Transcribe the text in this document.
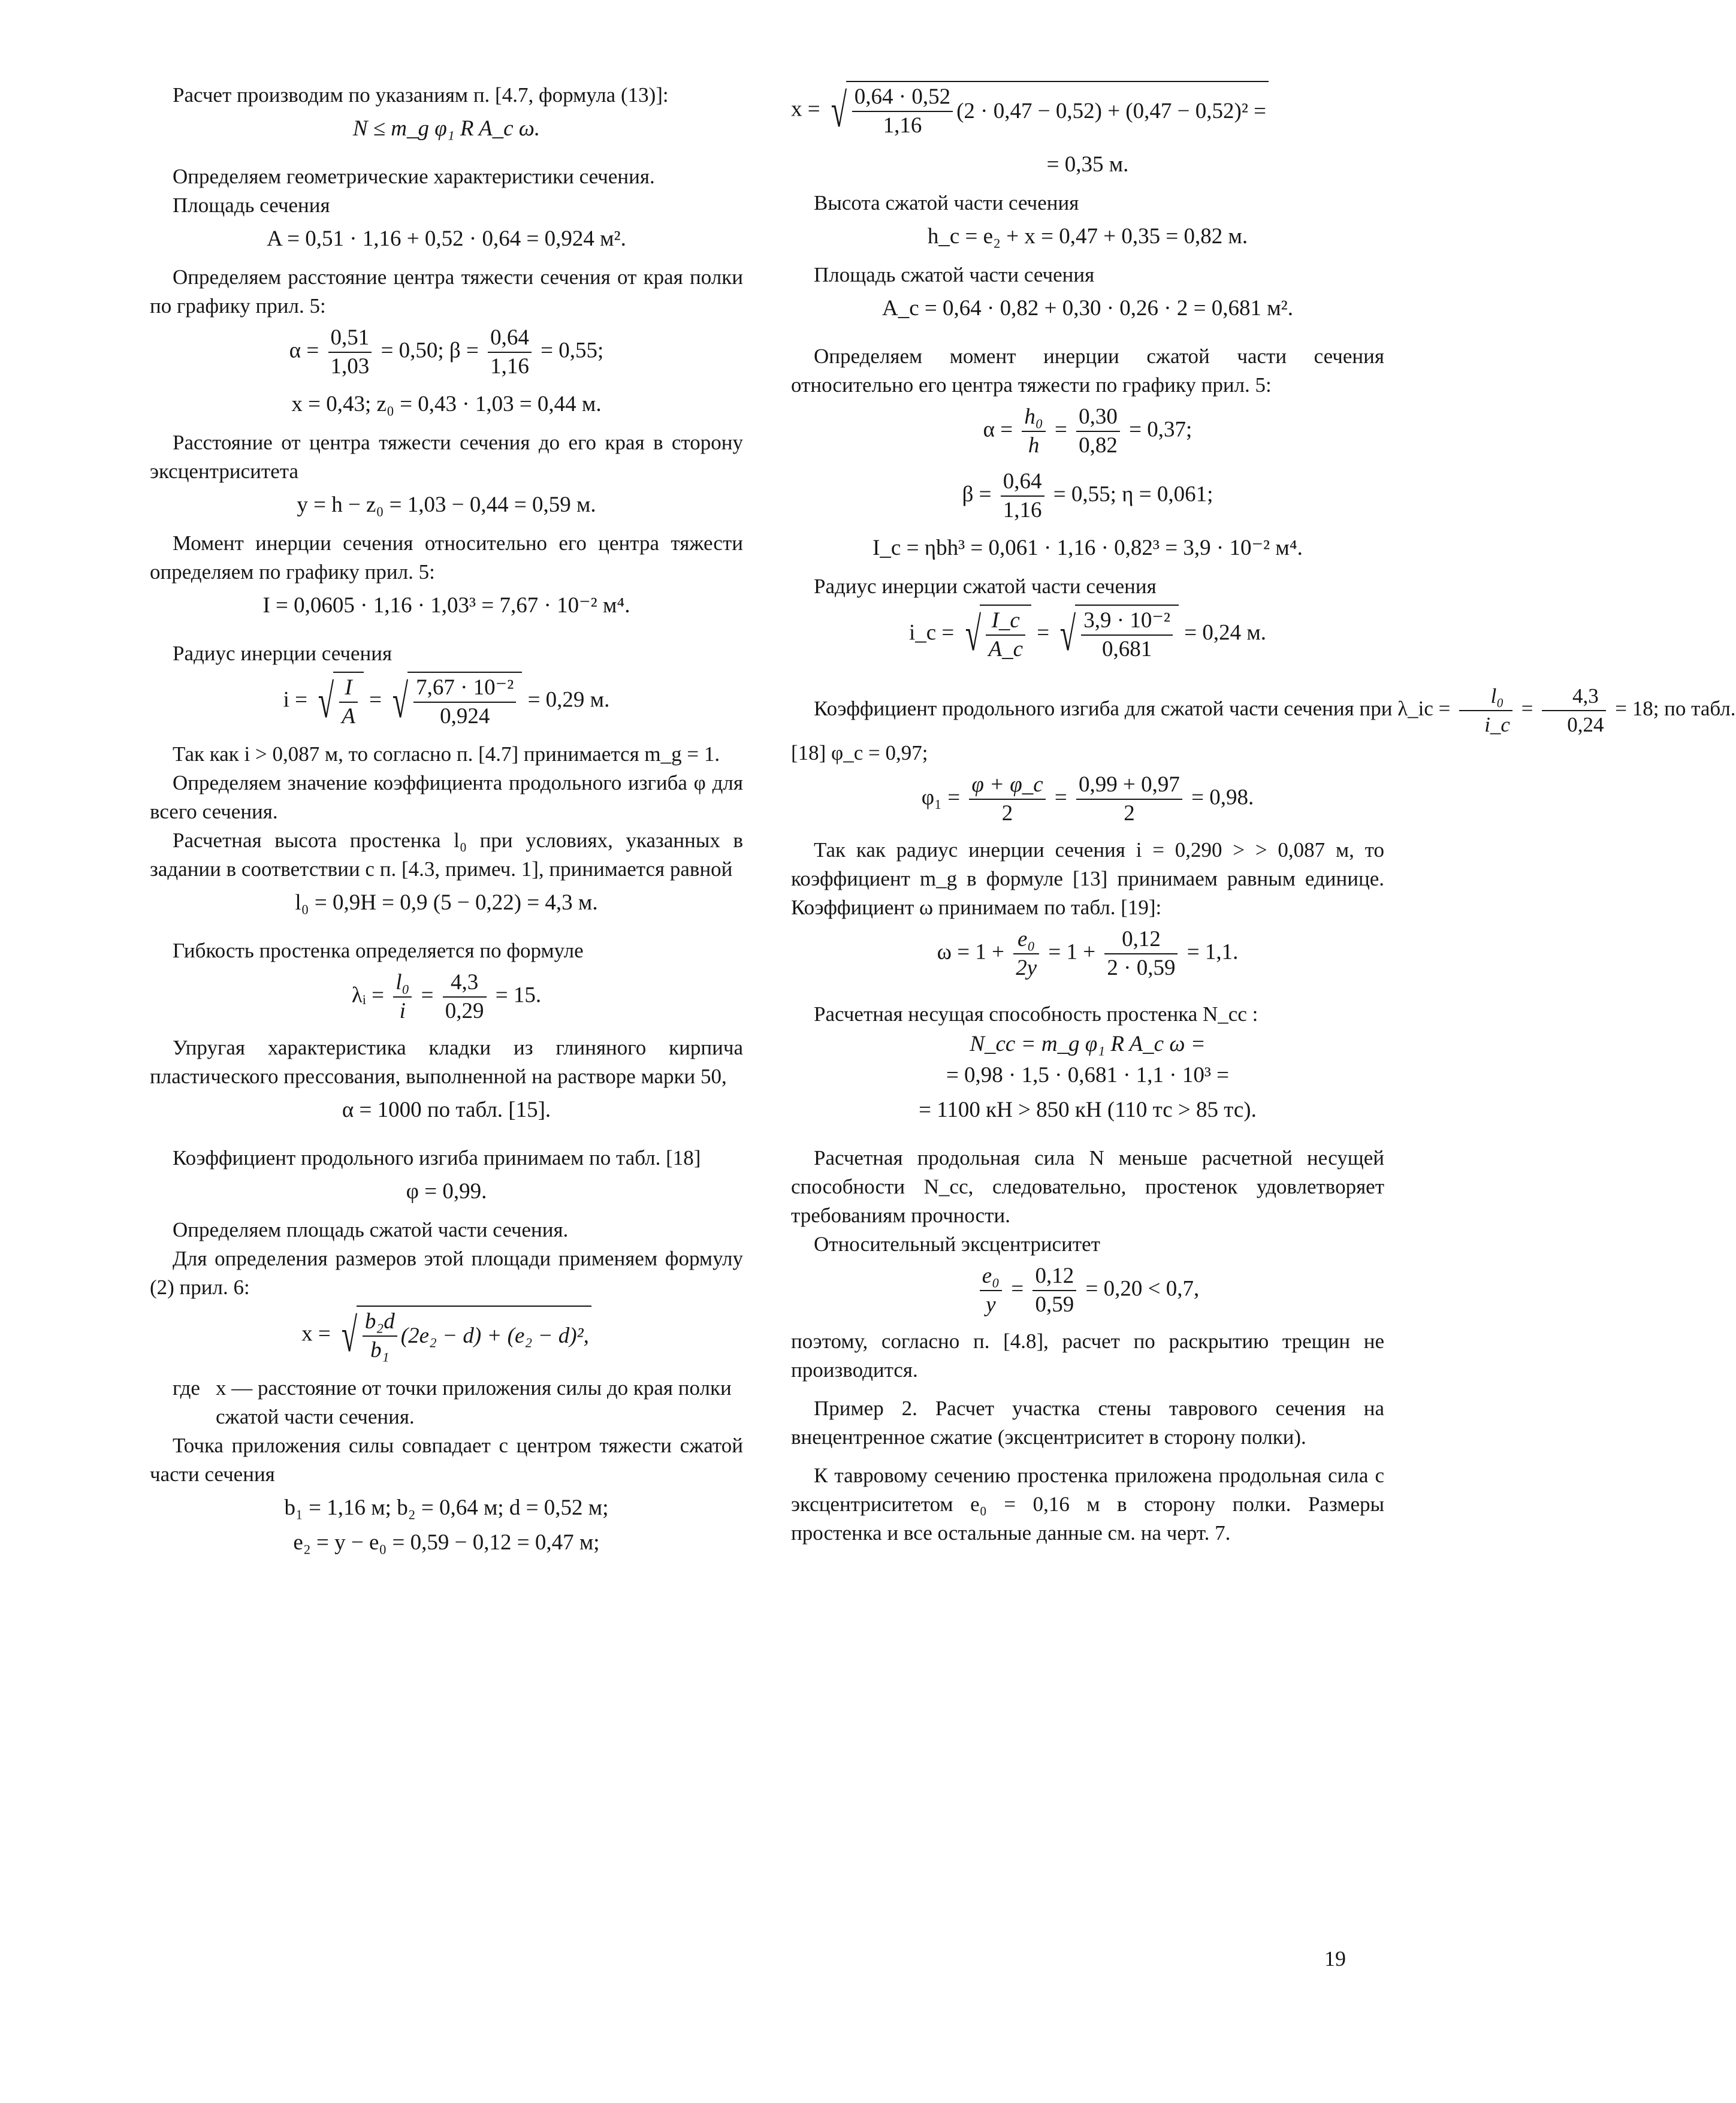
Расчет производим по указаниям п. [4.7, формула (13)]:

N ≤ m_g φ₁ R A_c ω.

Определяем геометрические характеристики сечения.

Площадь сечения

A = 0,51 · 1,16 + 0,52 · 0,64 = 0,924 м².

Определяем расстояние центра тяжести сечения от края полки по графику прил. 5:

$\alpha = \frac{0,51}{1,03} = 0,50$; $\beta = \frac{0,64}{1,16} = 0,55$;
x = 0,43; z₀ = 0,43 · 1,03 = 0,44 м.

Расстояние от центра тяжести сечения до его края в сторону эксцентриситета

y = h − z₀ = 1,03 − 0,44 = 0,59 м.

Момент инерции сечения относительно его центра тяжести определяем по графику прил. 5:

I = 0,0605 · 1,16 · 1,03³ = 7,67 · 10⁻² м⁴.

Радиус инерции сечения

i = √ $\frac{I}{A}$ = √ $\frac{\text{7,67 · 10⁻²}}{0,924} = 0,29$ м.

Так как i > 0,087 м, то согласно п. [4.7] принимается m_g = 1.

Определяем значение коэффициента продольного изгиба φ для всего сечения.

Расчетная высота простенка l₀ при условиях, указанных в задании в соответствии с п. [4.3, примеч. 1], принимается равной

l₀ = 0,9H = 0,9 (5 − 0,22) = 4,3 м.

Гибкость простенка определяется по формуле

λᵢ = $\frac{\text{l₀}}{i} = \frac{4,3}{0,29} = 15$.

Упругая характеристика кладки из глиняного кирпича пластического прессования, выполненной на растворе марки 50,

α = 1000 по табл. [15].

Коэффициент продольного изгиба принимаем по табл. [18]

φ = 0,99.

Определяем площадь сжатой части сечения.

Для определения размеров этой площади применяем формулу (2) прил. 6:

x = √ $\frac{\text{b₂d}}{\text{b₁}} (2e_2 - d) + (e_2 - d)^2$,
где x — расстояние от точки приложения силы до края полки сжатой части сечения.

Точка приложения силы совпадает с центром тяжести сжатой части сечения

b₁ = 1,16 м; b₂ = 0,64 м; d = 0,52 м;
e₂ = y − e₀ = 0,59 − 0,12 = 0,47 м;
x = √ $\frac{0,64 \cdot 0,52}{1,16} (2 \cdot 0,47 - 0,52) + (0,47 - 0,52)^2$ =
= 0,35 м.

Высота сжатой части сечения

h_c = e₂ + x = 0,47 + 0,35 = 0,82 м.

Площадь сжатой части сечения

A_c = 0,64 · 0,82 + 0,30 · 0,26 · 2 = 0,681 м².

Определяем момент инерции сжатой части сечения относительно его центра тяжести по графику прил. 5:

$\alpha = \frac{\text{h₀}}{h} = \frac{0,30}{0,82} = 0,37$;
$\beta = \frac{0,64}{1,16} = 0,55$; η = 0,061;
I_c = ηbh³ = 0,061 · 1,16 · 0,82³ = 3,9 · 10⁻² м⁴.

Радиус инерции сжатой части сечения

i_c = √ $\frac{I\_c}{A\_c}$ = √ $\frac{\text{3,9 · 10⁻²}}{0,681} = 0,24$ м.
Коэффициент продольного изгиба для сжатой части сечения при λ_ic = $\frac{\text{l₀}}{i\_c} = \frac{4,3}{0,24} = 18$; по табл.

[18] φ_c = 0,97;

$\varphi_1 = \frac{\varphi + \varphi\_c}{2} = \frac{0,99 + 0,97}{2} = 0,98$.

Так как радиус инерции сечения i = 0,290 > > 0,087 м, то коэффициент m_g в формуле [13] принимаем равным единице. Коэффициент ω принимаем по табл. [19]:

$\omega = 1 + \frac{\text{e₀}}{2y} = 1 + \frac{0,12}{2 \cdot 0,59} = 1,1$.

Расчетная несущая способность простенка N_cc :

N_cc = m_g φ₁ R A_c ω =
= 0,98 · 1,5 · 0,681 · 1,1 · 10³ =
= 1100 кН > 850 кН (110 тс > 85 тс).

Расчетная продольная сила N меньше расчетной несущей способности N_cc, следовательно, простенок удовлетворяет требованиям прочности.

Относительный эксцентриситет

$\frac{\text{e₀}}{y} = \frac{0,12}{0,59} = 0,20 < 0,7$,

поэтому, согласно п. [4.8], расчет по раскрытию трещин не производится.

Пример 2. Расчет участка стены таврового сечения на внецентренное сжатие (эксцентриситет в сторону полки).

К тавровому сечению простенка приложена продольная сила с эксцентриситетом e₀ = 0,16 м в сторону полки. Размеры простенка и все остальные данные см. на черт. 7.

19
